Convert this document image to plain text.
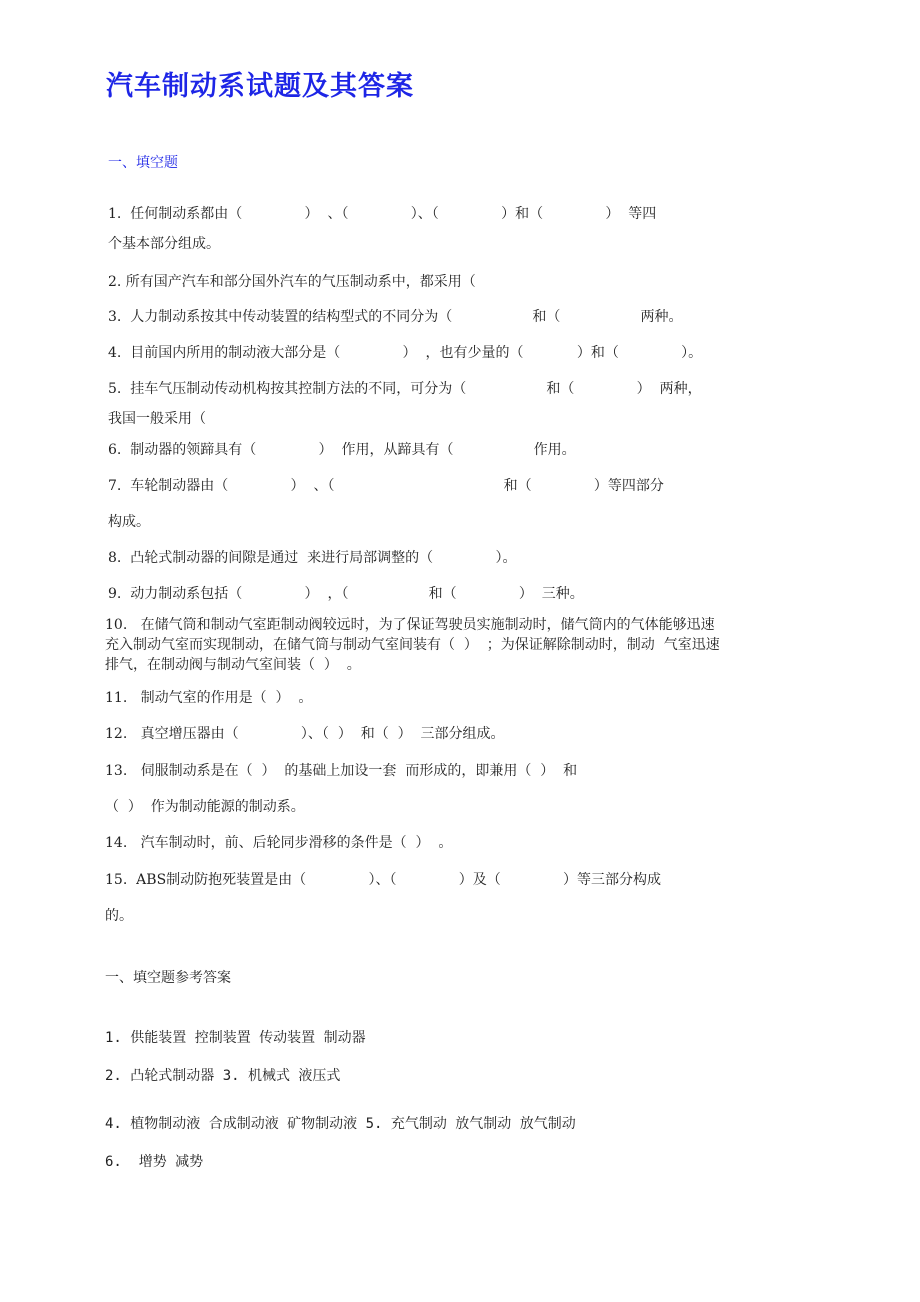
汽车制动系试题及其答案
一、填空题
1.  任何制动系都由（              ）  、（              ）、（              ）和（              ）  等四
个基本部分组成。
2. 所有国产汽车和部分国外汽车的气压制动系中，都采用（
3.  人力制动系按其中传动装置的结构型式的不同分为（                  和（                  两种。
4.  目前国内所用的制动液大部分是（              ）  ，也有少量的（            ）和（              ）。
5.  挂车气压制动传动机构按其控制方法的不同，可分为（                  和（              ）  两种，
我国一般采用（
6.  制动器的领蹄具有（              ）  作用，从蹄具有（                  作用。
7.  车轮制动器由（              ）  、（                                      和（              ）等四部分
构成。
8.  凸轮式制动器的间隙是通过  来进行局部调整的（              ）。
9.  动力制动系包括（              ）  ，（                  和（              ）  三种。
10.   在储气筒和制动气室距制动阀较远时，为了保证驾驶员实施制动时，储气筒内的气体能够迅速
充入制动气室而实现制动，在储气筒与制动气室间装有（  ）  ；为保证解除制动时，制动  气室迅速
排气，在制动阀与制动气室间装（  ）  。
11.   制动气室的作用是（  ）  。
12.   真空增压器由（              ）、（  ）  和（  ）  三部分组成。
13.   伺服制动系是在（  ）  的基础上加设一套  而形成的，即兼用（  ）  和
（  ）  作为制动能源的制动系。
14.   汽车制动时，前、后轮同步滑移的条件是（  ）  。
15.  ABS制动防抱死装置是由（              ）、（              ）及（              ）等三部分构成
的。
一、填空题参考答案
1. 供能装置 控制装置 传动装置 制动器
2. 凸轮式制动器 3. 机械式 液压式
4. 植物制动液 合成制动液 矿物制动液 5. 充气制动 放气制动 放气制动
6.  增势 减势
